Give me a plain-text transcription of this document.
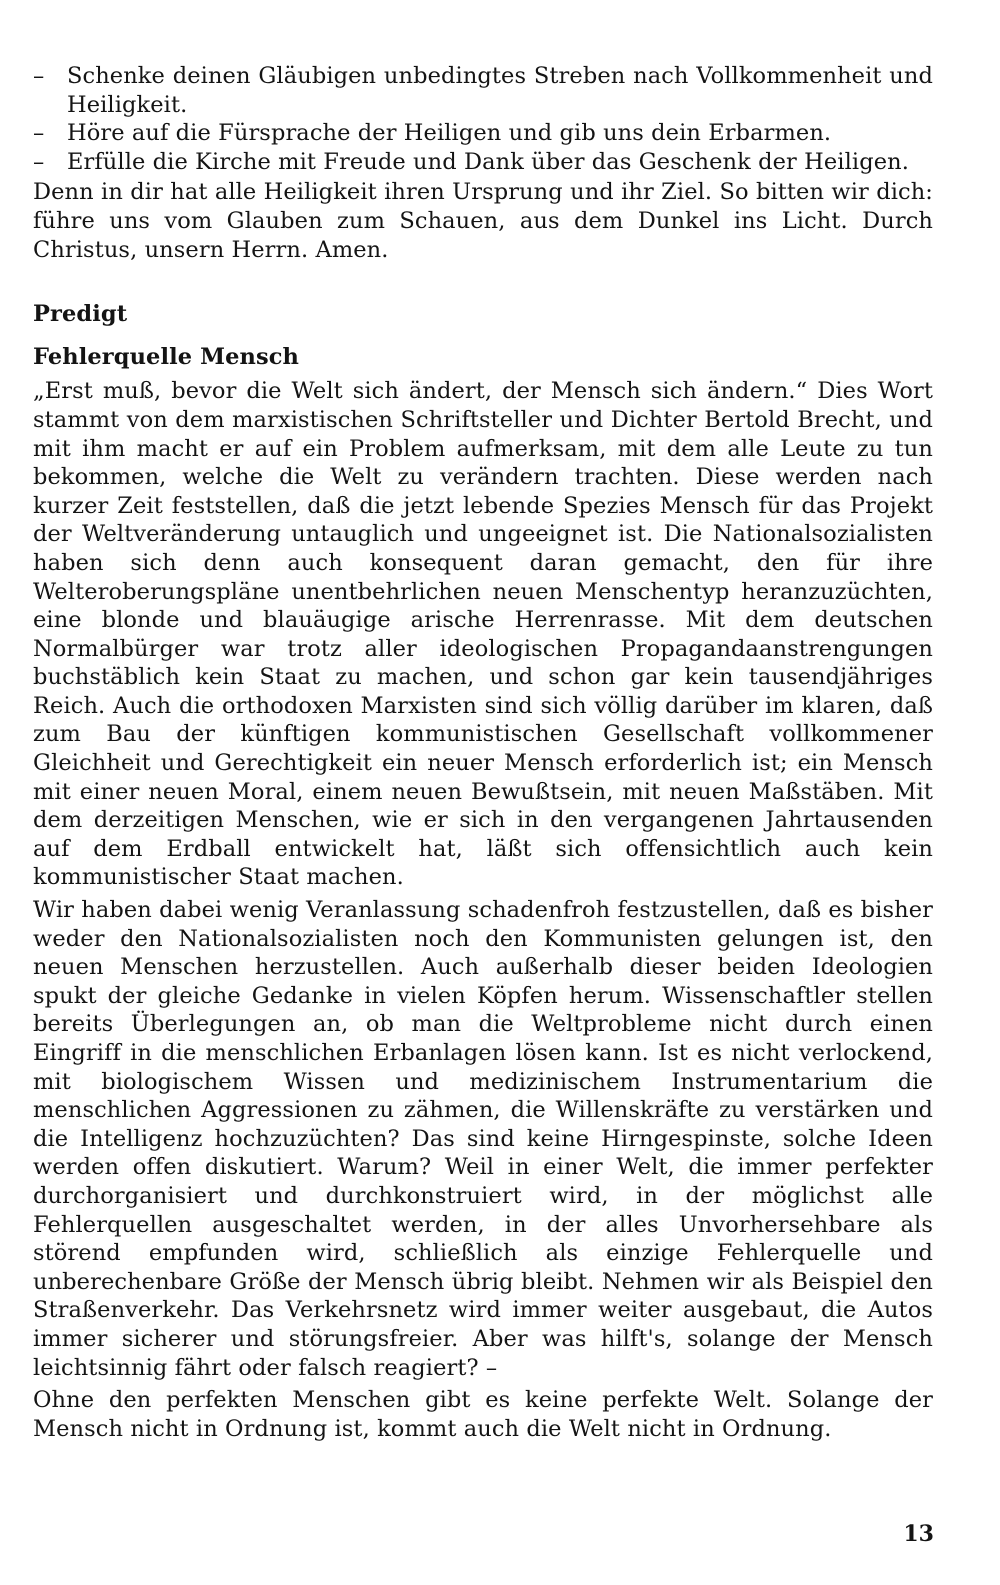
– Schenke deinen Gläubigen unbedingtes Streben nach Vollkommenheit und Heiligkeit.

– Höre auf die Fürsprache der Heiligen und gib uns dein Erbarmen.

– Erfülle die Kirche mit Freude und Dank über das Geschenk der Heiligen.

Denn in dir hat alle Heiligkeit ihren Ursprung und ihr Ziel. So bitten wir dich: führe uns vom Glauben zum Schauen, aus dem Dunkel ins Licht. Durch Christus, unsern Herrn. Amen.

Predigt

Fehlerquelle Mensch

„Erst muß, bevor die Welt sich ändert, der Mensch sich ändern.“ Dies Wort stammt von dem marxistischen Schriftsteller und Dichter Bertold Brecht, und mit ihm macht er auf ein Problem aufmerksam, mit dem alle Leute zu tun bekommen, welche die Welt zu verändern trachten. Diese werden nach kurzer Zeit feststellen, daß die jetzt lebende Spezies Mensch für das Projekt der Weltveränderung untauglich und ungeeignet ist. Die Nationalsozialisten haben sich denn auch konsequent daran gemacht, den für ihre Welteroberungspläne unentbehrlichen neuen Menschentyp heranzuzüchten, eine blonde und blauäugige arische Herrenrasse. Mit dem deutschen Normalbürger war trotz aller ideologischen Propagandaanstrengungen buchstäblich kein Staat zu machen, und schon gar kein tausendjähriges Reich. Auch die orthodoxen Marxisten sind sich völlig darüber im klaren, daß zum Bau der künftigen kommunistischen Gesellschaft vollkommener Gleichheit und Gerechtigkeit ein neuer Mensch erforderlich ist; ein Mensch mit einer neuen Moral, einem neuen Bewußtsein, mit neuen Maßstäben. Mit dem derzeitigen Menschen, wie er sich in den vergangenen Jahrtausenden auf dem Erdball entwickelt hat, läßt sich offensichtlich auch kein kommunistischer Staat machen.

Wir haben dabei wenig Veranlassung schadenfroh festzustellen, daß es bisher weder den Nationalsozialisten noch den Kommunisten gelungen ist, den neuen Menschen herzustellen. Auch außerhalb dieser beiden Ideologien spukt der gleiche Gedanke in vielen Köpfen herum. Wissenschaftler stellen bereits Überlegungen an, ob man die Weltprobleme nicht durch einen Eingriff in die menschlichen Erbanlagen lösen kann. Ist es nicht verlockend, mit biologischem Wissen und medizinischem Instrumentarium die menschlichen Aggressionen zu zähmen, die Willenskräfte zu verstärken und die Intelligenz hochzuzüchten? Das sind keine Hirngespinste, solche Ideen werden offen diskutiert. Warum? Weil in einer Welt, die immer perfekter durchorganisiert und durchkonstruiert wird, in der möglichst alle Fehlerquellen ausgeschaltet werden, in der alles Unvorhersehbare als störend empfunden wird, schließlich als einzige Fehlerquelle und unberechenbare Größe der Mensch übrig bleibt. Nehmen wir als Beispiel den Straßenverkehr. Das Verkehrsnetz wird immer weiter ausgebaut, die Autos immer sicherer und störungsfreier. Aber was hilft's, solange der Mensch leichtsinnig fährt oder falsch reagiert? –

Ohne den perfekten Menschen gibt es keine perfekte Welt. Solange der Mensch nicht in Ordnung ist, kommt auch die Welt nicht in Ordnung.

13
